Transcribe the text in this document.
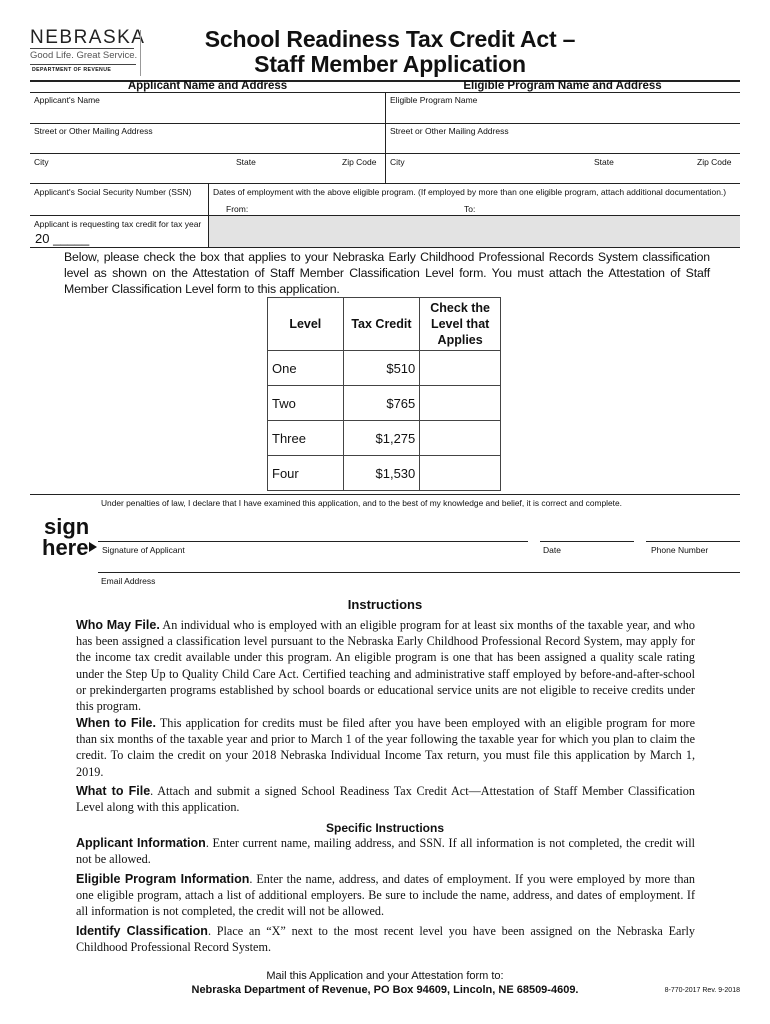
NEBRASKA
Good Life. Great Service.
DEPARTMENT OF REVENUE
School Readiness Tax Credit Act –
Staff Member Application
Applicant Name and Address	Eligible Program Name and Address
Applicant's Name	Eligible Program Name
Street or Other Mailing Address	Street or Other Mailing Address
City	State	Zip Code City	State	Zip Code
Applicant's Social Security Number (SSN)	Dates of employment with the above eligible program. (If employed by more than one eligible program, attach additional documentation.)
From:	To:
Applicant is requesting tax credit for tax year
20 _____
Below, please check the box that applies to your Nebraska Early Childhood Professional Records System classification level as shown on the Attestation of Staff Member Classification Level form. You must attach the Attestation of Staff Member Classification Level form to this application.
Level	Tax Credit	Check the Level that Applies
One	$510	
Two	$765	
Three	$1,275	
Four	$1,530	
Under penalties of law, I declare that I have examined this application, and to the best of my knowledge and belief, it is correct and complete.
sign
here Signature of Applicant	Date	Phone Number
Email Address
Instructions
Who May File. An individual who is employed with an eligible program for at least six months of the taxable year, and who has been assigned a classification level pursuant to the Nebraska Early Childhood Professional Record System, may apply for the income tax credit available under this program. An eligible program is one that has been assigned a quality scale rating under the Step Up to Quality Child Care Act. Certified teaching and administrative staff employed by before-and-after-school or prekindergarten programs established by school boards or educational service units are not eligible to receive credits under this program.
When to File. This application for credits must be filed after you have been employed with an eligible program for more than six months of the taxable year and prior to March 1 of the year following the taxable year for which you plan to claim the credit. To claim the credit on your 2018 Nebraska Individual Income Tax return, you must file this application by March 1, 2019.
What to File. Attach and submit a signed School Readiness Tax Credit Act—Attestation of Staff Member Classification Level along with this application.
Specific Instructions
Applicant Information. Enter current name, mailing address, and SSN. If all information is not completed, the credit will not be allowed.
Eligible Program Information. Enter the name, address, and dates of employment. If you were employed by more than one eligible program, attach a list of additional employers. Be sure to include the name, address, and dates of employment. If all information is not completed, the credit will not be allowed.
Identify Classification. Place an “X” next to the most recent level you have been assigned on the Nebraska Early Childhood Professional Record System.
Mail this Application and your Attestation form to:
Nebraska Department of Revenue, PO Box 94609, Lincoln, NE 68509-4609.	8-770-2017 Rev. 9-2018
